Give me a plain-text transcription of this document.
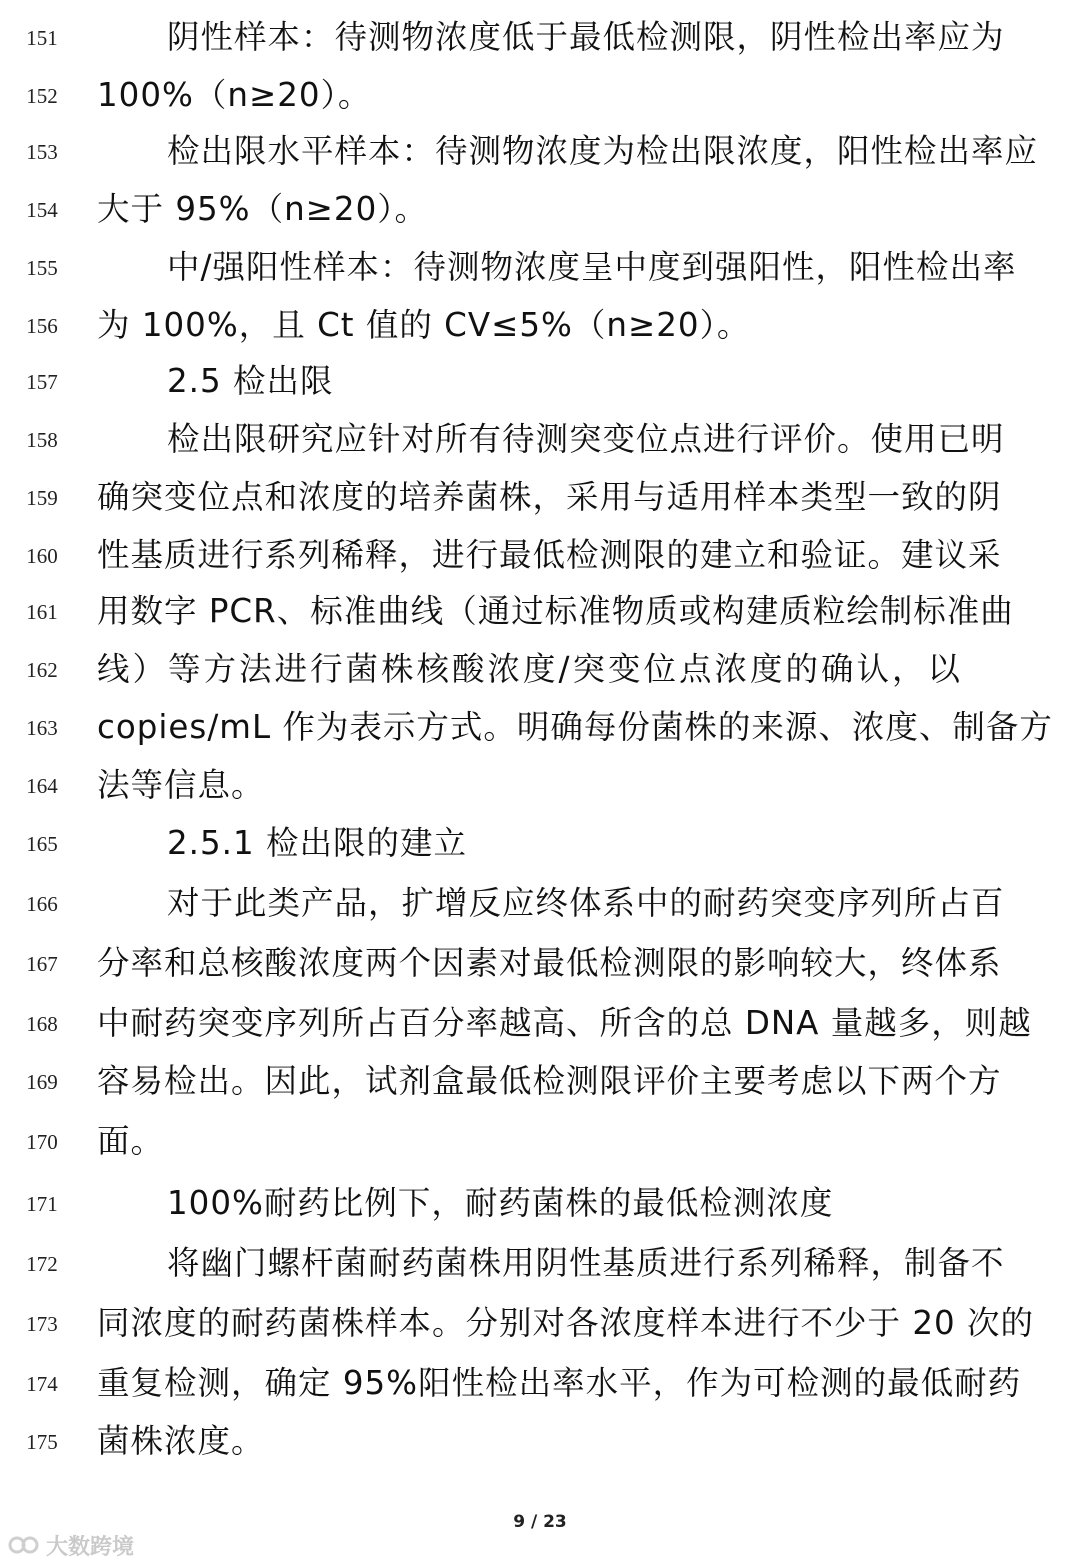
151	阴性样本：待测物浓度低于最低检测限，阴性检出率应为
152	100%（n≥20）。
153	检出限水平样本：待测物浓度为检出限浓度，阳性检出率应
154	大于 95%（n≥20）。
155	中/强阳性样本：待测物浓度呈中度到强阳性，阳性检出率
156	为 100%，且 Ct 值的 CV≤5%（n≥20）。
157	2.5 检出限
158	检出限研究应针对所有待测突变位点进行评价。使用已明
159	确突变位点和浓度的培养菌株，采用与适用样本类型一致的阴
160	性基质进行系列稀释，进行最低检测限的建立和验证。建议采
161	用数字 PCR、标准曲线（通过标准物质或构建质粒绘制标准曲
162	线）等方法进行菌株核酸浓度/突变位点浓度的确认，以
163	copies/mL 作为表示方式。明确每份菌株的来源、浓度、制备方
164	法等信息。
165	2.5.1 检出限的建立
166	对于此类产品，扩增反应终体系中的耐药突变序列所占百
167	分率和总核酸浓度两个因素对最低检测限的影响较大，终体系
168	中耐药突变序列所占百分率越高、所含的总 DNA 量越多，则越
169	容易检出。因此，试剂盒最低检测限评价主要考虑以下两个方
170	面。
171	100%耐药比例下，耐药菌株的最低检测浓度
172	将幽门螺杆菌耐药菌株用阴性基质进行系列稀释，制备不
173	同浓度的耐药菌株样本。分别对各浓度样本进行不少于 20 次的
174	重复检测，确定 95%阳性检出率水平，作为可检测的最低耐药
175	菌株浓度。
9 / 23
大数跨境
